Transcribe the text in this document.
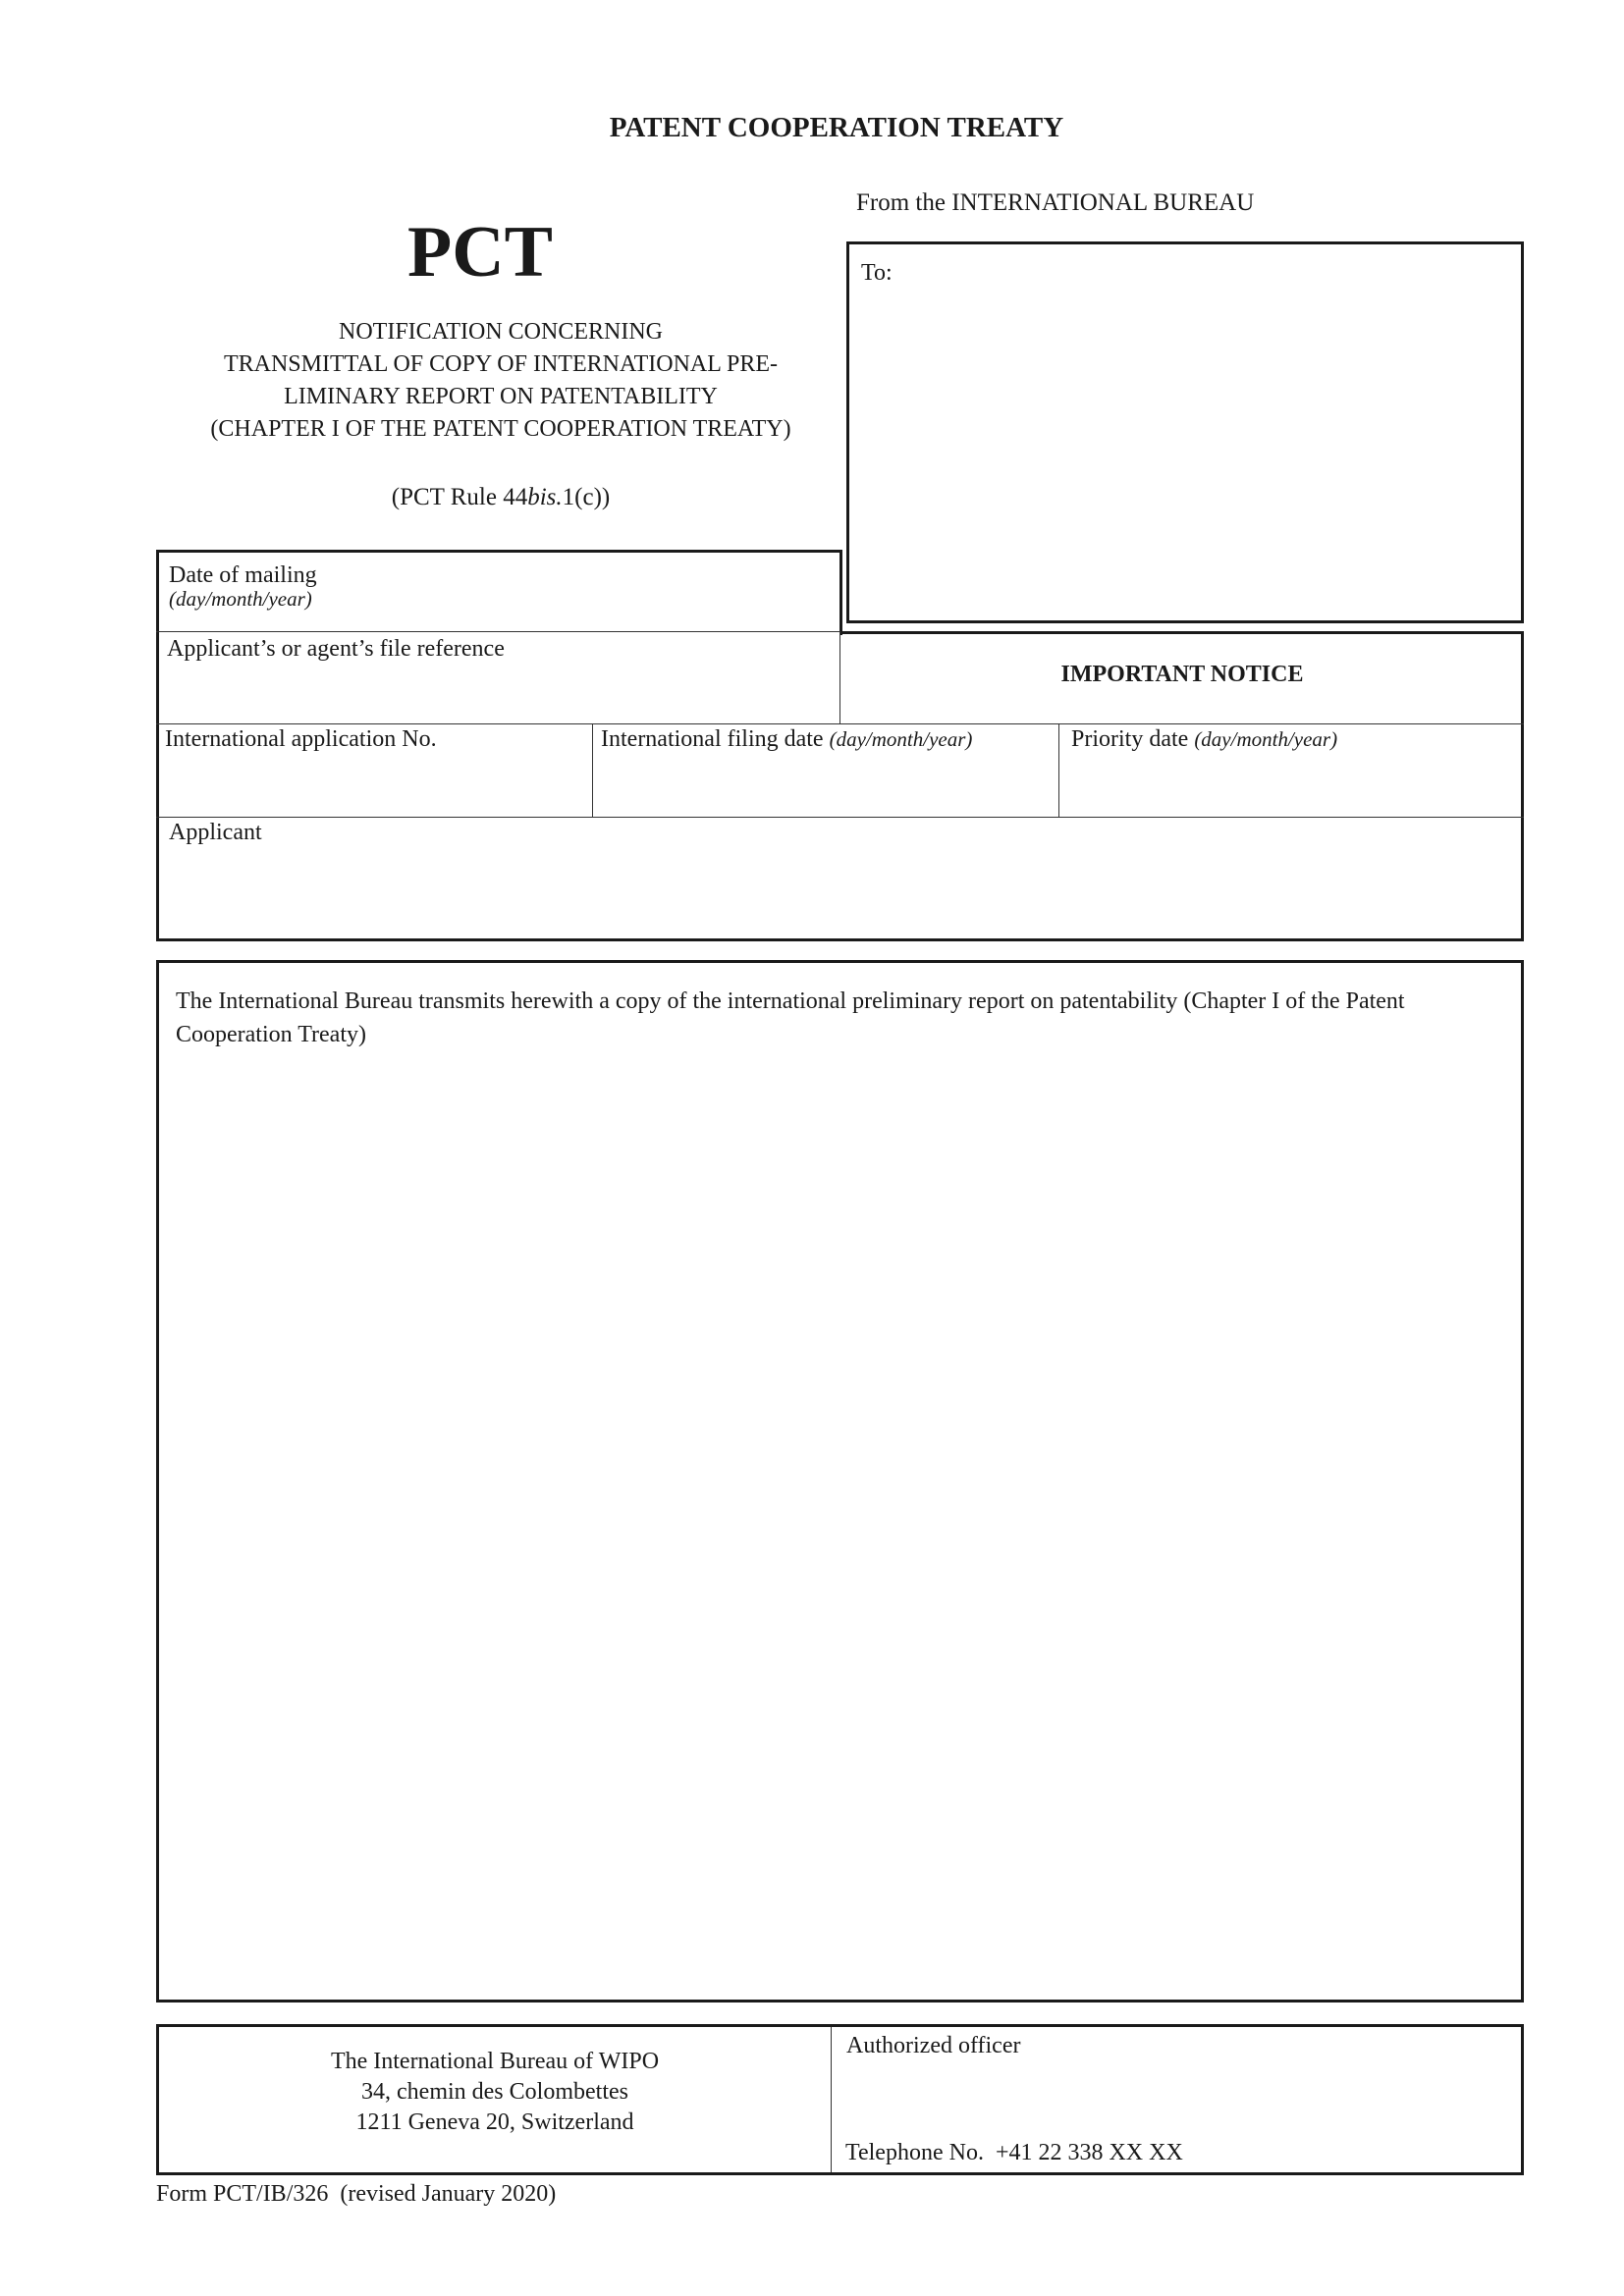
PATENT COOPERATION TREATY
From the INTERNATIONAL BUREAU
PCT
NOTIFICATION CONCERNING
TRANSMITTAL OF COPY OF INTERNATIONAL PRE-
LIMINARY REPORT ON PATENTABILITY
(CHAPTER I OF THE PATENT COOPERATION TREATY)
(PCT Rule 44bis.1(c))
To:
Date of mailing
(day/month/year)
Applicant’s or agent’s file reference
IMPORTANT NOTICE
International application No.	International filing date (day/month/year)	Priority date (day/month/year)
Applicant
The International Bureau transmits herewith a copy of the international preliminary report on patentability (Chapter I of the Patent Cooperation Treaty)
The International Bureau of WIPO
34, chemin des Colombettes
1211 Geneva 20, Switzerland
Authorized officer
Telephone No.  +41 22 338 XX XX
Form PCT/IB/326  (revised January 2020)
